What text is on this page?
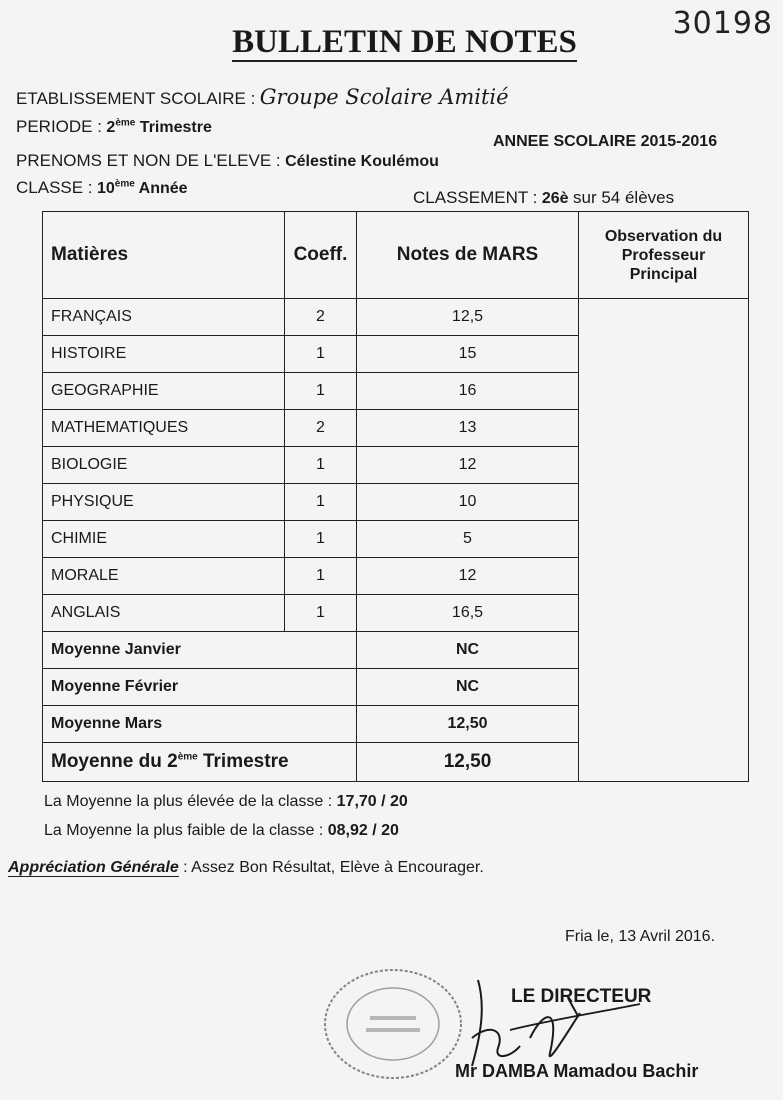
30198
BULLETIN DE NOTES
ETABLISSEMENT SCOLAIRE : Groupe Scolaire Amitié
PERIODE : 2ème Trimestre
ANNEE SCOLAIRE 2015-2016
PRENOMS ET NON DE L'ELEVE : Célestine Koulémou
CLASSE : 10ème Année	CLASSEMENT : 26è sur 54 élèves
Matières	Coeff.	Notes de MARS	Observation du Professeur Principal
FRANÇAIS	2	12,5	
HISTOIRE	1	15	
GEOGRAPHIE	1	16	
MATHEMATIQUES	2	13	
BIOLOGIE	1	12	
PHYSIQUE	1	10	
CHIMIE	1	5	
MORALE	1	12	
ANGLAIS	1	16,5	
Moyenne Janvier		NC	
Moyenne Février		NC	
Moyenne Mars		12,50	
Moyenne du 2ème Trimestre		12,50	
La Moyenne la plus élevée de la classe : 17,70 / 20
La Moyenne la plus faible de la classe : 08,92 / 20
Appréciation Générale : Assez Bon Résultat, Elève à Encourager.
Fria le, 13 Avril 2016.
LE DIRECTEUR
Mr DAMBA Mamadou Bachir
